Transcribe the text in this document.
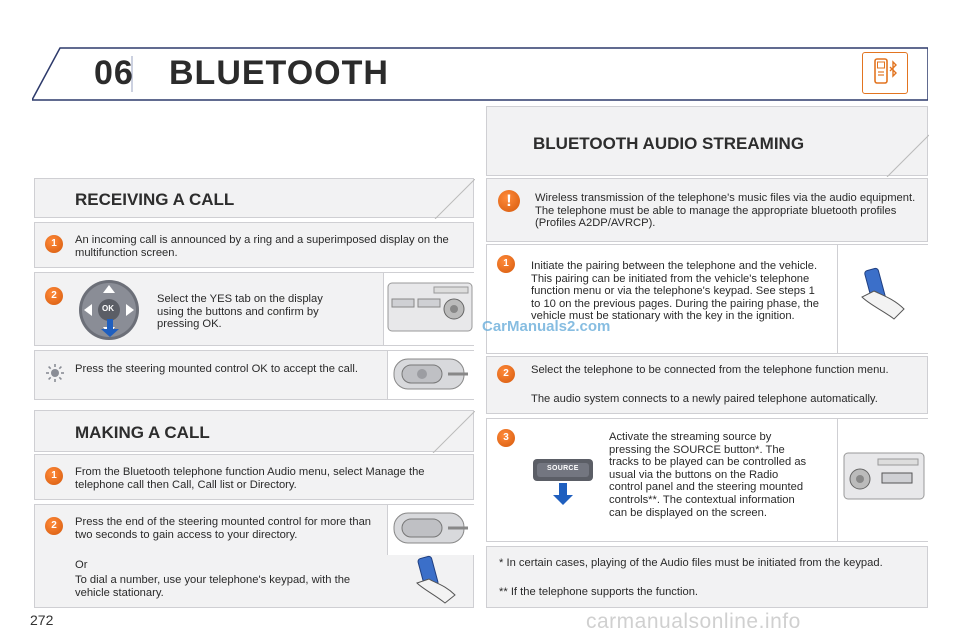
06 BLUETOOTH
RECEIVING A CALL
1	An incoming call is announced by a ring and a superimposed display on the multifunction screen.
2
OK
Select the YES tab on the display using the buttons and confirm by pressing OK.
Press the steering mounted control OK to accept the call.
MAKING A CALL
1	From the Bluetooth telephone function Audio menu, select Manage the telephone call then Call, Call list or Directory.
2	Press the end of the steering mounted control for more than two seconds to gain access to your directory.
Or
To dial a number, use your telephone's keypad, with the vehicle stationary.
BLUETOOTH AUDIO STREAMING
Wireless transmission of the telephone's music files via the audio equipment. The telephone must be able to manage the appropriate bluetooth profiles (Profiles A2DP/AVRCP).
!
1	Initiate the pairing between the telephone and the vehicle. This pairing can be initiated from the vehicle's telephone function menu or via the telephone's keypad. See steps 1 to 10 on the previous pages. During the pairing phase, the vehicle must be stationary with the key in the ignition.
2	Select the telephone to be connected from the telephone function menu.
The audio system connects to a newly paired telephone automatically.
3
SOURCE
Activate the streaming source by pressing the SOURCE button*. The tracks to be played can be controlled as usual via the buttons on the Radio control panel and the steering mounted controls**. The contextual information can be displayed on the screen.
* In certain cases, playing of the Audio files must be initiated from the keypad.
** If the telephone supports the function.
CarManuals2.com
272	carmanualsonline.info
